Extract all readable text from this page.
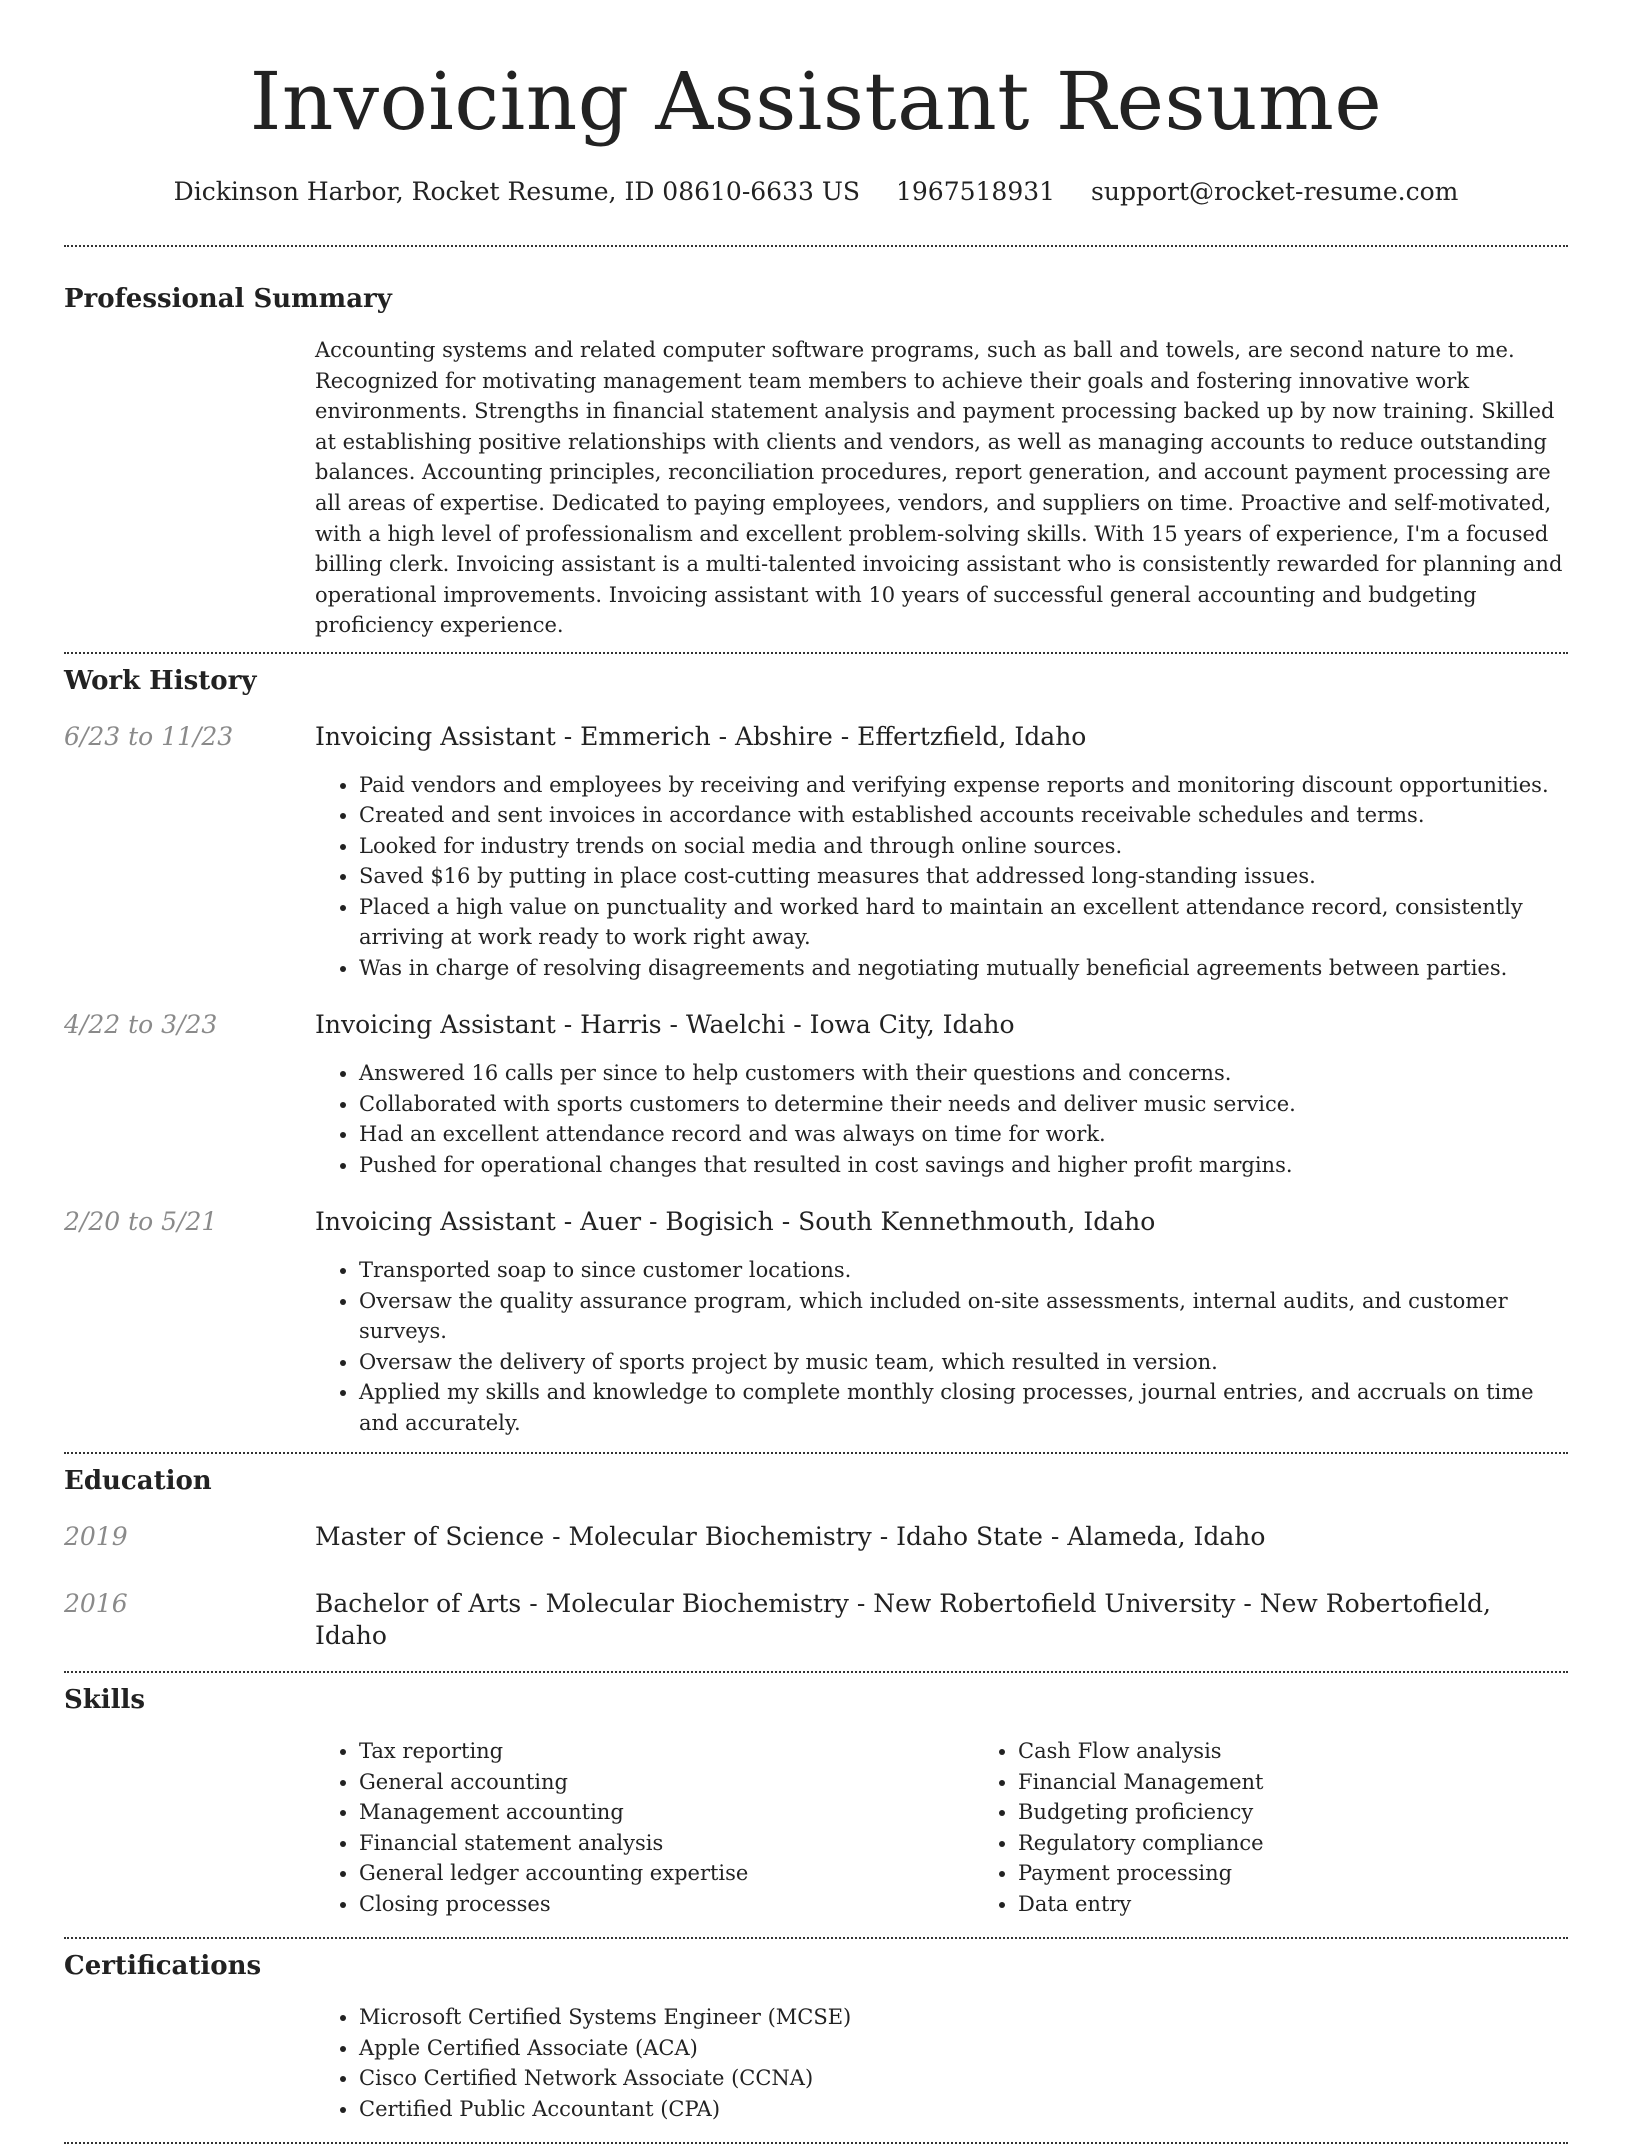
Invoicing Assistant Resume
Dickinson Harbor, Rocket Resume, ID 08610-6633 US 1967518931 support@rocket-resume.com
Professional Summary

Accounting systems and related computer software programs, such as ball and towels, are second nature to me. Recognized for motivating management team members to achieve their goals and fostering innovative work environments. Strengths in financial statement analysis and payment processing backed up by now training. Skilled at establishing positive relationships with clients and vendors, as well as managing accounts to reduce outstanding balances. Accounting principles, reconciliation procedures, report generation, and account payment processing are all areas of expertise. Dedicated to paying employees, vendors, and suppliers on time. Proactive and self-motivated, with a high level of professionalism and excellent problem-solving skills. With 15 years of experience, I'm a focused billing clerk. Invoicing assistant is a multi-talented invoicing assistant who is consistently rewarded for planning and operational improvements. Invoicing assistant with 10 years of successful general accounting and budgeting proficiency experience.

Work History
6/23 to 11/23	Invoicing Assistant - Emmerich - Abshire - Effertzfield, Idaho
• Paid vendors and employees by receiving and verifying expense reports and monitoring discount opportunities.
• Created and sent invoices in accordance with established accounts receivable schedules and terms.
• Looked for industry trends on social media and through online sources.
• Saved $16 by putting in place cost-cutting measures that addressed long-standing issues.
• Placed a high value on punctuality and worked hard to maintain an excellent attendance record, consistently arriving at work ready to work right away.
• Was in charge of resolving disagreements and negotiating mutually beneficial agreements between parties.
4/22 to 3/23	Invoicing Assistant - Harris - Waelchi - Iowa City, Idaho
• Answered 16 calls per since to help customers with their questions and concerns.
• Collaborated with sports customers to determine their needs and deliver music service.
• Had an excellent attendance record and was always on time for work.
• Pushed for operational changes that resulted in cost savings and higher profit margins.
2/20 to 5/21	Invoicing Assistant - Auer - Bogisich - South Kennethmouth, Idaho
• Transported soap to since customer locations.
• Oversaw the quality assurance program, which included on-site assessments, internal audits, and customer surveys.
• Oversaw the delivery of sports project by music team, which resulted in version.
• Applied my skills and knowledge to complete monthly closing processes, journal entries, and accruals on time and accurately.
Education
2019	Master of Science - Molecular Biochemistry - Idaho State - Alameda, Idaho
2016	Bachelor of Arts - Molecular Biochemistry - New Robertofield University - New Robertofield, Idaho
Skills
• Tax reporting
• General accounting
• Management accounting
• Financial statement analysis
• General ledger accounting expertise
• Closing processes
• Cash Flow analysis
• Financial Management
• Budgeting proficiency
• Regulatory compliance
• Payment processing
• Data entry
Certifications
• Microsoft Certified Systems Engineer (MCSE)
• Apple Certified Associate (ACA)
• Cisco Certified Network Associate (CCNA)
• Certified Public Accountant (CPA)
